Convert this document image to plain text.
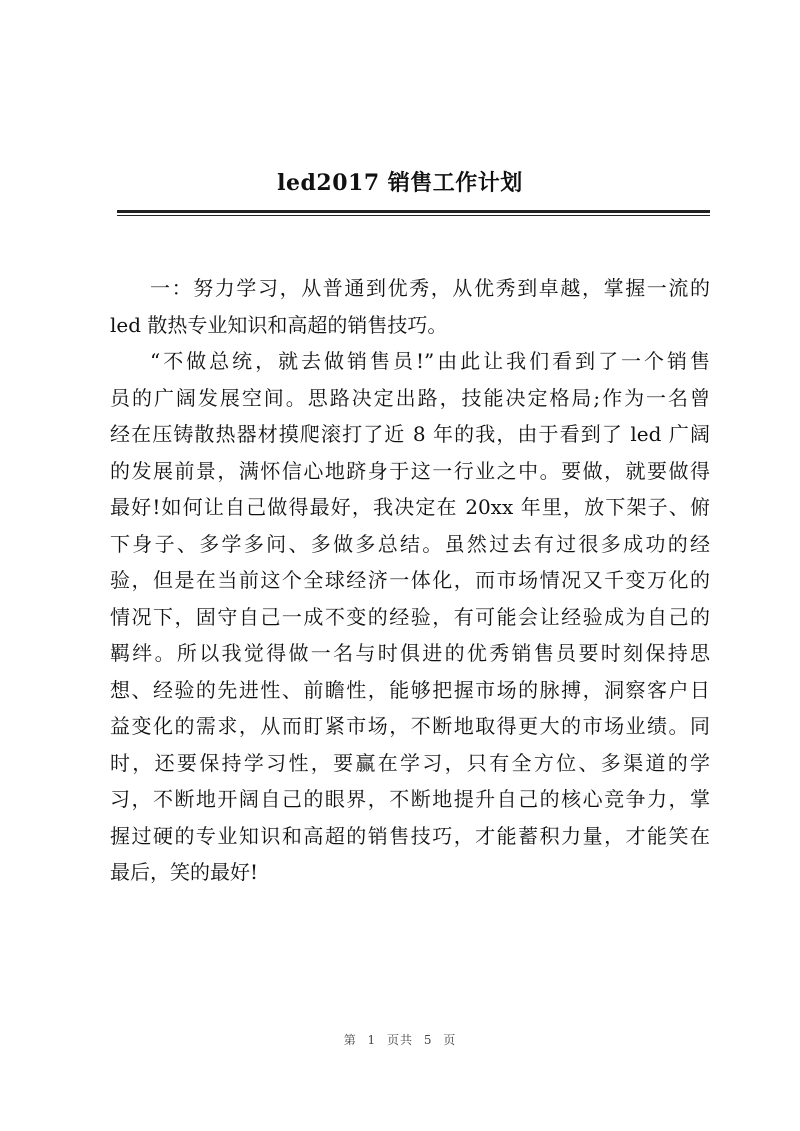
led2017 销售工作计划
一：努力学习，从普通到优秀，从优秀到卓越，掌握一流的
led 散热专业知识和高超的销售技巧。
“不做总统，就去做销售员!”由此让我们看到了一个销售
员的广阔发展空间。思路决定出路，技能决定格局;作为一名曾
经在压铸散热器材摸爬滚打了近 8 年的我，由于看到了 led 广阔
的发展前景，满怀信心地跻身于这一行业之中。要做，就要做得
最好!如何让自己做得最好，我决定在 20xx 年里，放下架子、俯
下身子、多学多问、多做多总结。虽然过去有过很多成功的经
验，但是在当前这个全球经济一体化，而市场情况又千变万化的
情况下，固守自己一成不变的经验，有可能会让经验成为自己的
羁绊。所以我觉得做一名与时俱进的优秀销售员要时刻保持思
想、经验的先进性、前瞻性，能够把握市场的脉搏，洞察客户日
益变化的需求，从而盯紧市场，不断地取得更大的市场业绩。同
时，还要保持学习性，要赢在学习，只有全方位、多渠道的学
习，不断地开阔自己的眼界，不断地提升自己的核心竞争力，掌
握过硬的专业知识和高超的销售技巧，才能蓄积力量，才能笑在
最后，笑的最好!
第 1 页共 5 页
